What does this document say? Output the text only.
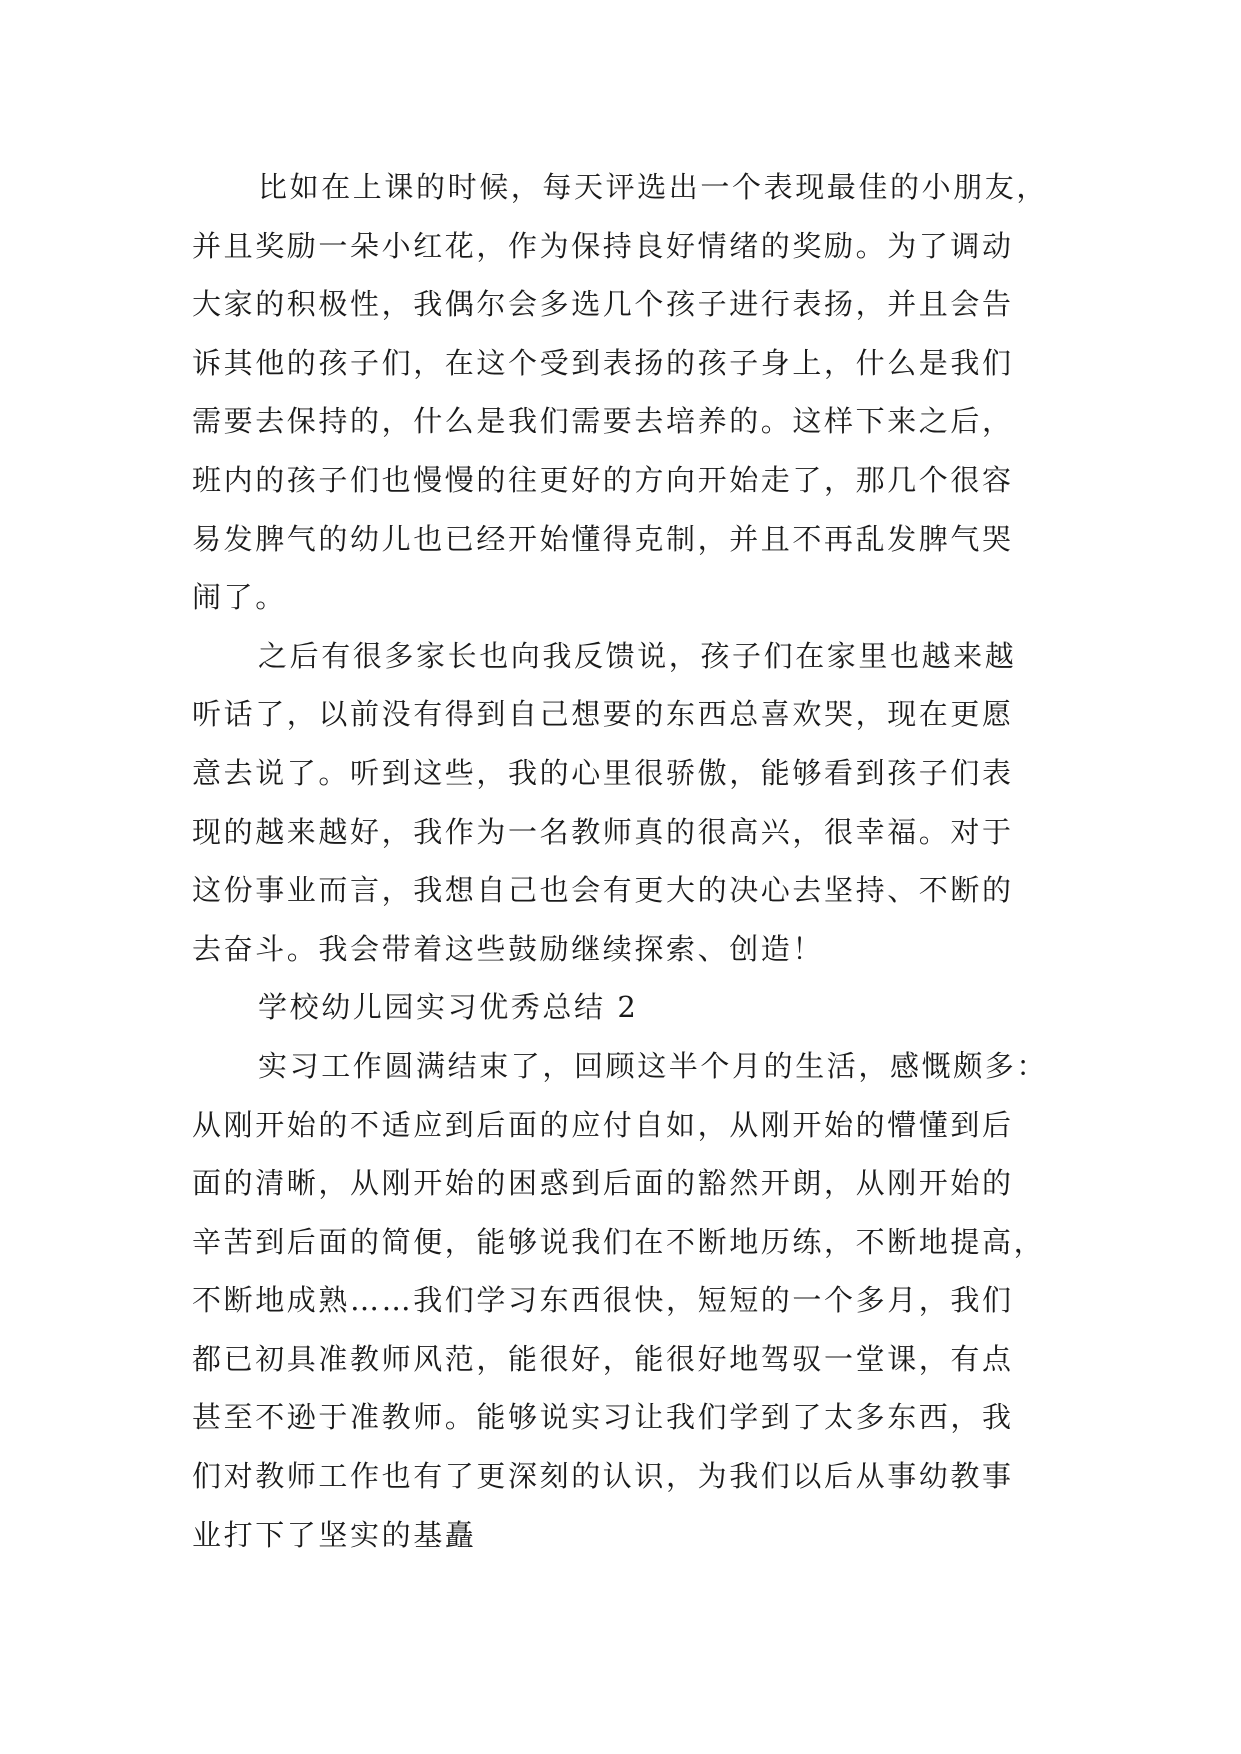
比如在上课的时候，每天评选出一个表现最佳的小朋友，
并且奖励一朵小红花，作为保持良好情绪的奖励。为了调动
大家的积极性，我偶尔会多选几个孩子进行表扬，并且会告
诉其他的孩子们，在这个受到表扬的孩子身上，什么是我们
需要去保持的，什么是我们需要去培养的。这样下来之后，
班内的孩子们也慢慢的往更好的方向开始走了，那几个很容
易发脾气的幼儿也已经开始懂得克制，并且不再乱发脾气哭
闹了。
之后有很多家长也向我反馈说，孩子们在家里也越来越
听话了，以前没有得到自己想要的东西总喜欢哭，现在更愿
意去说了。听到这些，我的心里很骄傲，能够看到孩子们表
现的越来越好，我作为一名教师真的很高兴，很幸福。对于
这份事业而言，我想自己也会有更大的决心去坚持、不断的
去奋斗。我会带着这些鼓励继续探索、创造！
学校幼儿园实习优秀总结 2
实习工作圆满结束了，回顾这半个月的生活，感慨颇多：
从刚开始的不适应到后面的应付自如，从刚开始的懵懂到后
面的清晰，从刚开始的困惑到后面的豁然开朗，从刚开始的
辛苦到后面的简便，能够说我们在不断地历练，不断地提高，
不断地成熟……我们学习东西很快，短短的一个多月，我们
都已初具准教师风范，能很好，能很好地驾驭一堂课，有点
甚至不逊于准教师。能够说实习让我们学到了太多东西，我
们对教师工作也有了更深刻的认识，为我们以后从事幼教事
业打下了坚实的基矗
